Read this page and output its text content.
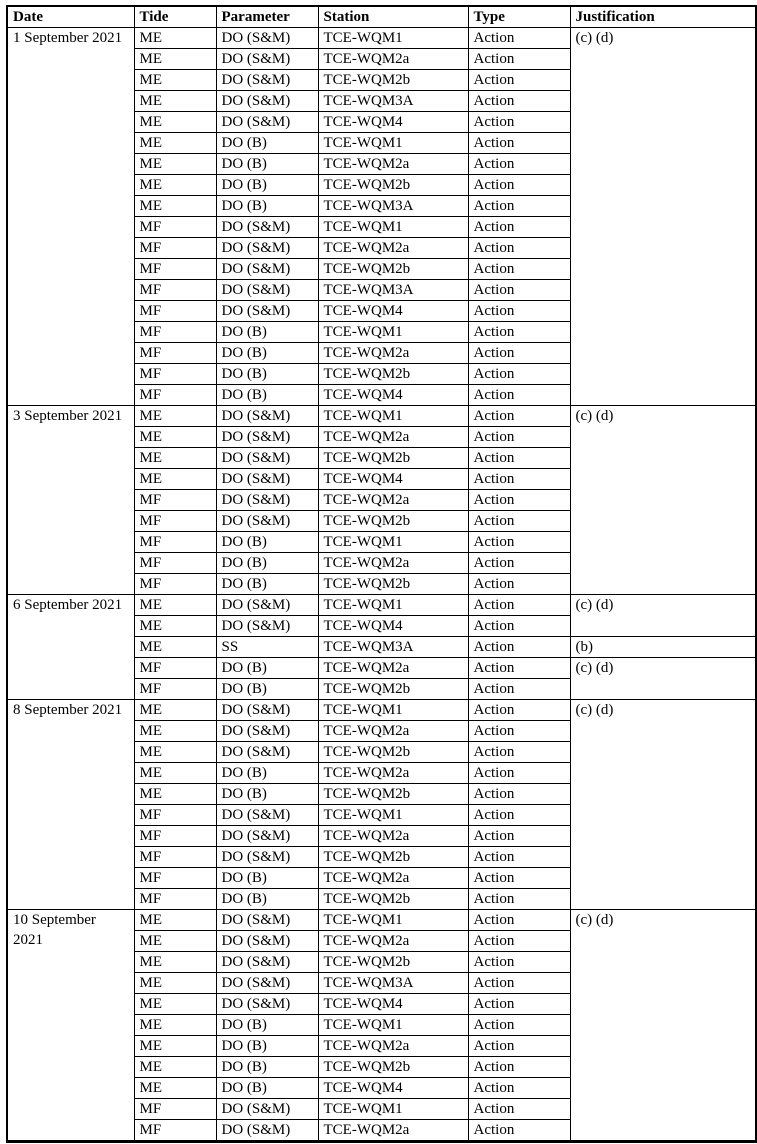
Date	Tide	Parameter	Station	Type	Justification

1 September 2021	ME	DO (S&M)	TCE-WQM1	Action	(c) (d)
	ME	DO (S&M)	TCE-WQM2a	Action	
	ME	DO (S&M)	TCE-WQM2b	Action	
	ME	DO (S&M)	TCE-WQM3A	Action	
	ME	DO (S&M)	TCE-WQM4	Action	
	ME	DO (B)	TCE-WQM1	Action	
	ME	DO (B)	TCE-WQM2a	Action	
	ME	DO (B)	TCE-WQM2b	Action	
	ME	DO (B)	TCE-WQM3A	Action	
	MF	DO (S&M)	TCE-WQM1	Action	
	MF	DO (S&M)	TCE-WQM2a	Action	
	MF	DO (S&M)	TCE-WQM2b	Action	
	MF	DO (S&M)	TCE-WQM3A	Action	
	MF	DO (S&M)	TCE-WQM4	Action	
	MF	DO (B)	TCE-WQM1	Action	
	MF	DO (B)	TCE-WQM2a	Action	
	MF	DO (B)	TCE-WQM2b	Action	
	MF	DO (B)	TCE-WQM4	Action	

3 September 2021	ME	DO (S&M)	TCE-WQM1	Action	(c) (d)
	ME	DO (S&M)	TCE-WQM2a	Action	
	ME	DO (S&M)	TCE-WQM2b	Action	
	ME	DO (S&M)	TCE-WQM4	Action	
	MF	DO (S&M)	TCE-WQM2a	Action	
	MF	DO (S&M)	TCE-WQM2b	Action	
	MF	DO (B)	TCE-WQM1	Action	
	MF	DO (B)	TCE-WQM2a	Action	
	MF	DO (B)	TCE-WQM2b	Action	

6 September 2021	ME	DO (S&M)	TCE-WQM1	Action	(c) (d)
	ME	DO (S&M)	TCE-WQM4	Action	
	ME	SS	TCE-WQM3A	Action	(b)
	MF	DO (B)	TCE-WQM2a	Action	(c) (d)
	MF	DO (B)	TCE-WQM2b	Action	

8 September 2021	ME	DO (S&M)	TCE-WQM1	Action	(c) (d)
	ME	DO (S&M)	TCE-WQM2a	Action	
	ME	DO (S&M)	TCE-WQM2b	Action	
	ME	DO (B)	TCE-WQM2a	Action	
	ME	DO (B)	TCE-WQM2b	Action	
	MF	DO (S&M)	TCE-WQM1	Action	
	MF	DO (S&M)	TCE-WQM2a	Action	
	MF	DO (S&M)	TCE-WQM2b	Action	
	MF	DO (B)	TCE-WQM2a	Action	
	MF	DO (B)	TCE-WQM2b	Action	

10 September
2021	ME	DO (S&M)	TCE-WQM1	Action	(c) (d)
	ME	DO (S&M)	TCE-WQM2a	Action	
	ME	DO (S&M)	TCE-WQM2b	Action	
	ME	DO (S&M)	TCE-WQM3A	Action	
	ME	DO (S&M)	TCE-WQM4	Action	
	ME	DO (B)	TCE-WQM1	Action	
	ME	DO (B)	TCE-WQM2a	Action	
	ME	DO (B)	TCE-WQM2b	Action	
	ME	DO (B)	TCE-WQM4	Action	
	MF	DO (S&M)	TCE-WQM1	Action	
	MF	DO (S&M)	TCE-WQM2a	Action	
